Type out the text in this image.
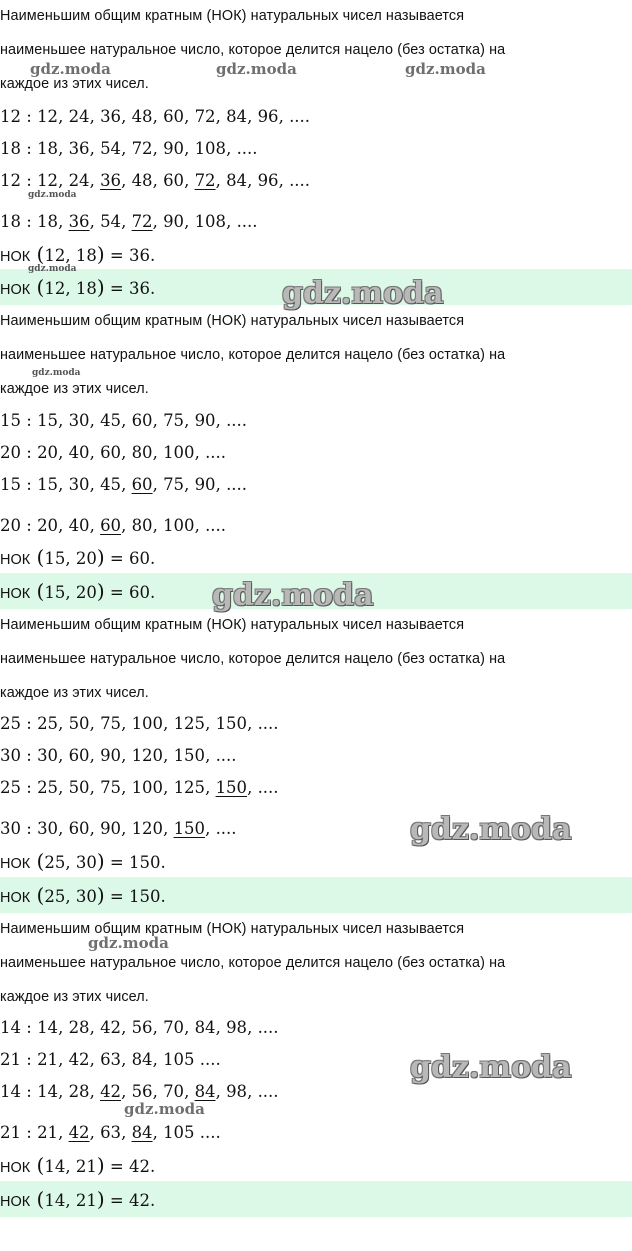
Наименьшим общим кратным (НОК) натуральных чисел называется
наименьшее натуральное число, которое делится нацело (без остатка) на
каждое из этих чисел.
12 : 12, 24, 36, 48, 60, 72, 84, 96, ....
18 : 18, 36, 54, 72, 90, 108, ....
12 : 12, 24, 36, 48, 60, 72, 84, 96, ....
18 : 18, 36, 54, 72, 90, 108, ....
НОК (12, 18) = 36.
НОК (12, 18) = 36.
Наименьшим общим кратным (НОК) натуральных чисел называется
наименьшее натуральное число, которое делится нацело (без остатка) на
каждое из этих чисел.
15 : 15, 30, 45, 60, 75, 90, ....
20 : 20, 40, 60, 80, 100, ....
15 : 15, 30, 45, 60, 75, 90, ....
20 : 20, 40, 60, 80, 100, ....
НОК (15, 20) = 60.
НОК (15, 20) = 60.
Наименьшим общим кратным (НОК) натуральных чисел называется
наименьшее натуральное число, которое делится нацело (без остатка) на
каждое из этих чисел.
25 : 25, 50, 75, 100, 125, 150, ....
30 : 30, 60, 90, 120, 150, ....
25 : 25, 50, 75, 100, 125, 150, ....
30 : 30, 60, 90, 120, 150, ....
НОК (25, 30) = 150.
НОК (25, 30) = 150.
Наименьшим общим кратным (НОК) натуральных чисел называется
наименьшее натуральное число, которое делится нацело (без остатка) на
каждое из этих чисел.
14 : 14, 28, 42, 56, 70, 84, 98, ....
21 : 21, 42, 63, 84, 105 ....
14 : 14, 28, 42, 56, 70, 84, 98, ....
21 : 21, 42, 63, 84, 105 ....
НОК (14, 21) = 42.
НОК (14, 21) = 42.
gdz.moda	gdz.moda	gdz.moda
gdz.moda
gdz.moda
gdz.moda
gdz.moda
gdz.moda
gdz.moda
gdz.moda
gdz.moda
gdz.moda
